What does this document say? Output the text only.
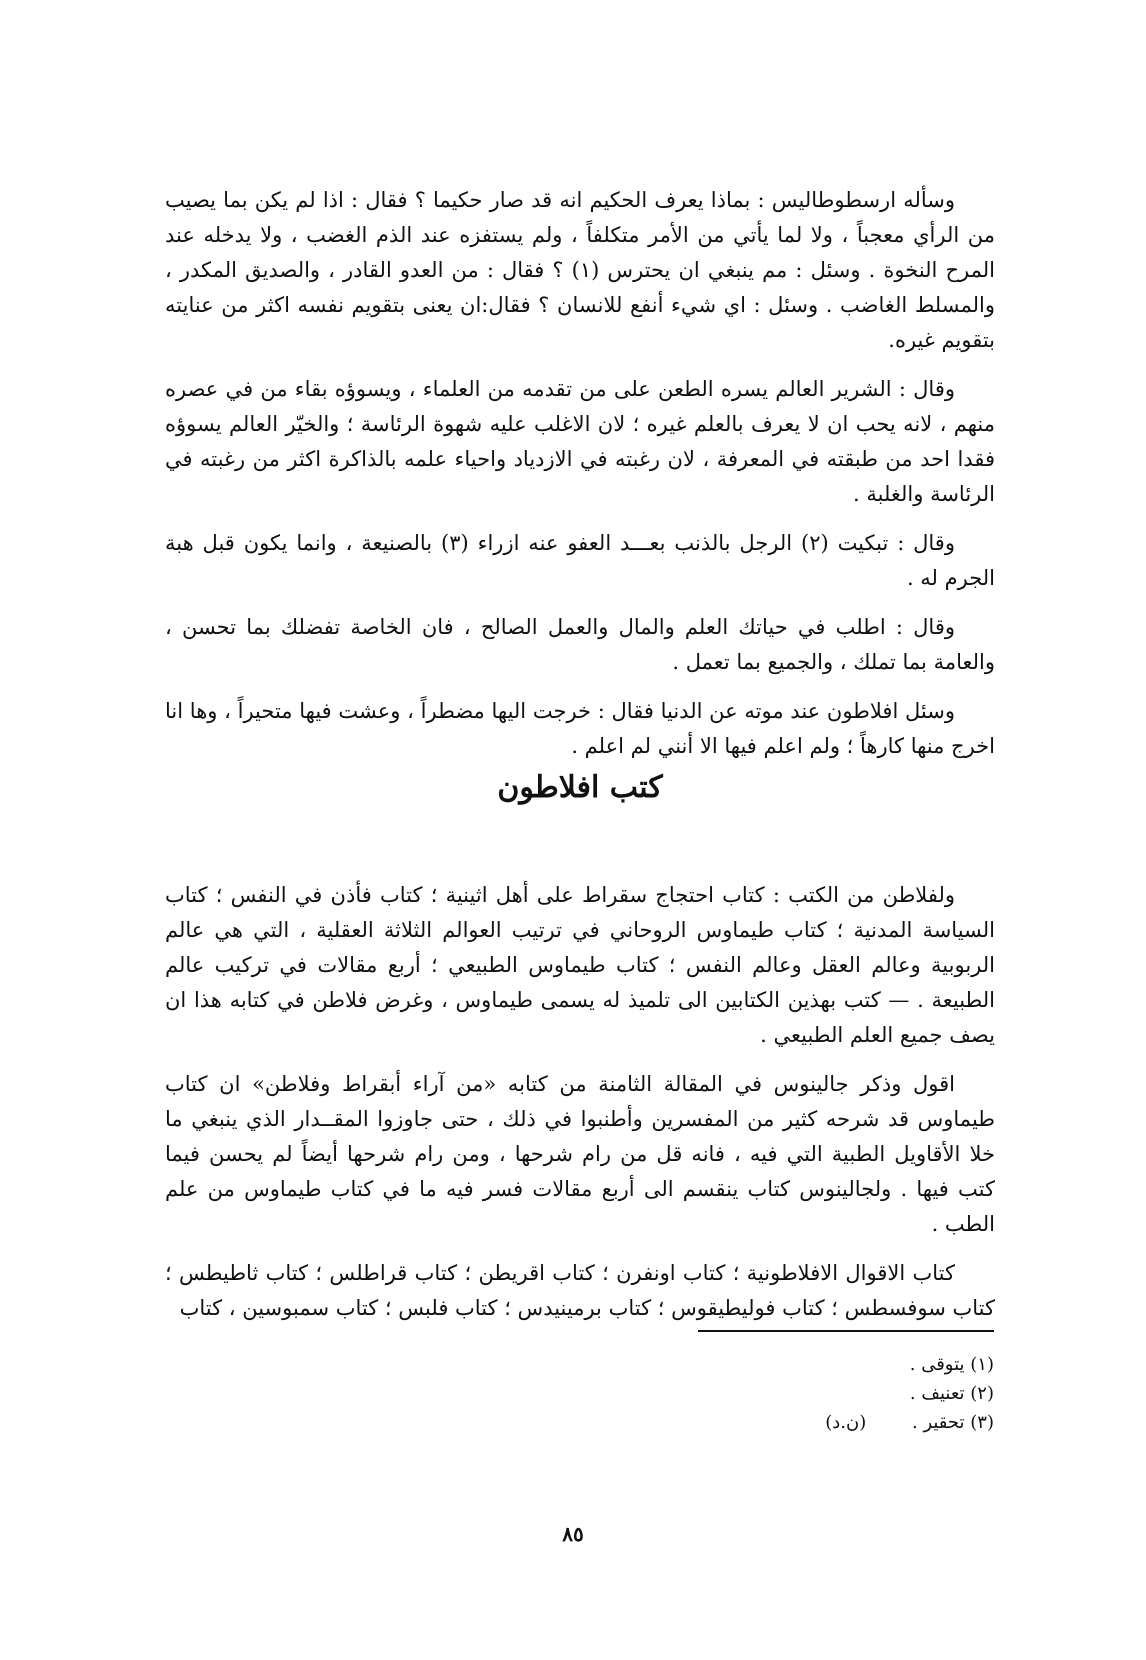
وسأله ارسطوطاليس : بماذا يعرف الحكيم انه قد صار حكيما ؟ فقال : اذا لم يكن بما يصيب من الرأي معجباً ، ولا لما يأتي من الأمر متكلفاً ، ولم يستفزه عند الذم الغضب ، ولا يدخله عند المرح النخوة . وسئل : مم ينبغي ان يحترس (١) ؟ فقال : من العدو القادر ، والصديق المكدر ، والمسلط الغاضب . وسئل : اي شيء أنفع للانسان ؟ فقال:ان يعنى بتقويم نفسه اكثر من عنايته بتقويم غيره.

وقال : الشرير العالم يسره الطعن على من تقدمه من العلماء ، ويسوؤه بقاء من في عصره منهم ، لانه يحب ان لا يعرف بالعلم غيره ؛ لان الاغلب عليه شهوة الرئاسة ؛ والخيّر العالم يسوؤه فقدا احد من طبقته في المعرفة ، لان رغبته في الازدياد واحياء علمه بالذاكرة اكثر من رغبته في الرئاسة والغلبة .

وقال : تبكيت (٢) الرجل بالذنب بعـــد العفو عنه ازراء (٣) بالصنيعة ، وانما يكون قبل هبة الجرم له .

وقال : اطلب في حياتك العلم والمال والعمل الصالح ، فان الخاصة تفضلك بما تحسن ، والعامة بما تملك ، والجميع بما تعمل .

وسئل افلاطون عند موته عن الدنيا فقال : خرجت اليها مضطراً ، وعشت فيها متحيراً ، وها انا اخرج منها كارهاً ؛ ولم اعلم فيها الا أنني لم اعلم .

كتب افلاطون

ولفلاطن من الكتب : كتاب احتجاج سقراط على أهل اثينية ؛ كتاب فأذن في النفس ؛ كتاب السياسة المدنية ؛ كتاب طيماوس الروحاني في ترتيب العوالم الثلاثة العقلية ، التي هي عالم الربوبية وعالم العقل وعالم النفس ؛ كتاب طيماوس الطبيعي ؛ أربع مقالات في تركيب عالم الطبيعة . — كتب بهذين الكتابين الى تلميذ له يسمى طيماوس ، وغرض فلاطن في كتابه هذا ان يصف جميع العلم الطبيعي .

اقول وذكر جالينوس في المقالة الثامنة من كتابه «من آراء أبقراط وفلاطن» ان كتاب طيماوس قد شرحه كثير من المفسرين وأطنبوا في ذلك ، حتى جاوزوا المقــدار الذي ينبغي ما خلا الأقاويل الطبية التي فيه ، فانه قل من رام شرحها ، ومن رام شرحها أيضاً لم يحسن فيما كتب فيها . ولجالينوس كتاب ينقسم الى أربع مقالات فسر فيه ما في كتاب طيماوس من علم الطب .

كتاب الاقوال الافلاطونية ؛ كتاب اونفرن ؛ كتاب اقريطن ؛ كتاب قراطلس ؛ كتاب ثاطيطس ؛ كتاب سوفسطس ؛ كتاب فوليطيقوس ؛ كتاب برمينيدس ؛ كتاب فلبس ؛ كتاب سمبوسين ، كتاب

(١) يتوقى .

(٢) تعنيف .

(٣) تحقير . (ن.د)

٨٥
